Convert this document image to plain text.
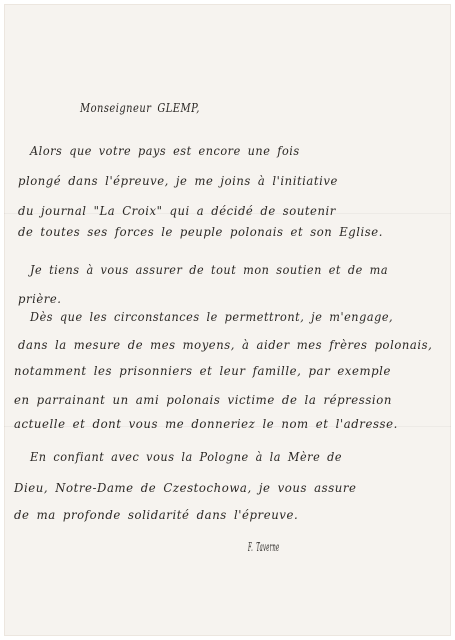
Monseigneur GLEMP,
Alors que votre pays est encore une fois
plongé dans l'épreuve, je me joins à l'initiative
du journal "La Croix" qui a décidé de soutenir
de toutes ses forces le peuple polonais et son Eglise.
Je tiens à vous assurer de tout mon soutien et de ma
prière.
Dès que les circonstances le permettront, je m'engage,
dans la mesure de mes moyens, à aider mes frères polonais,
notamment les prisonniers et leur famille, par exemple
en parrainant un ami polonais victime de la répression
actuelle et dont vous me donneriez le nom et l'adresse.
En confiant avec vous la Pologne à la Mère de
Dieu, Notre-Dame de Czestochowa, je vous assure
de ma profonde solidarité dans l'épreuve.
F. Taverne
